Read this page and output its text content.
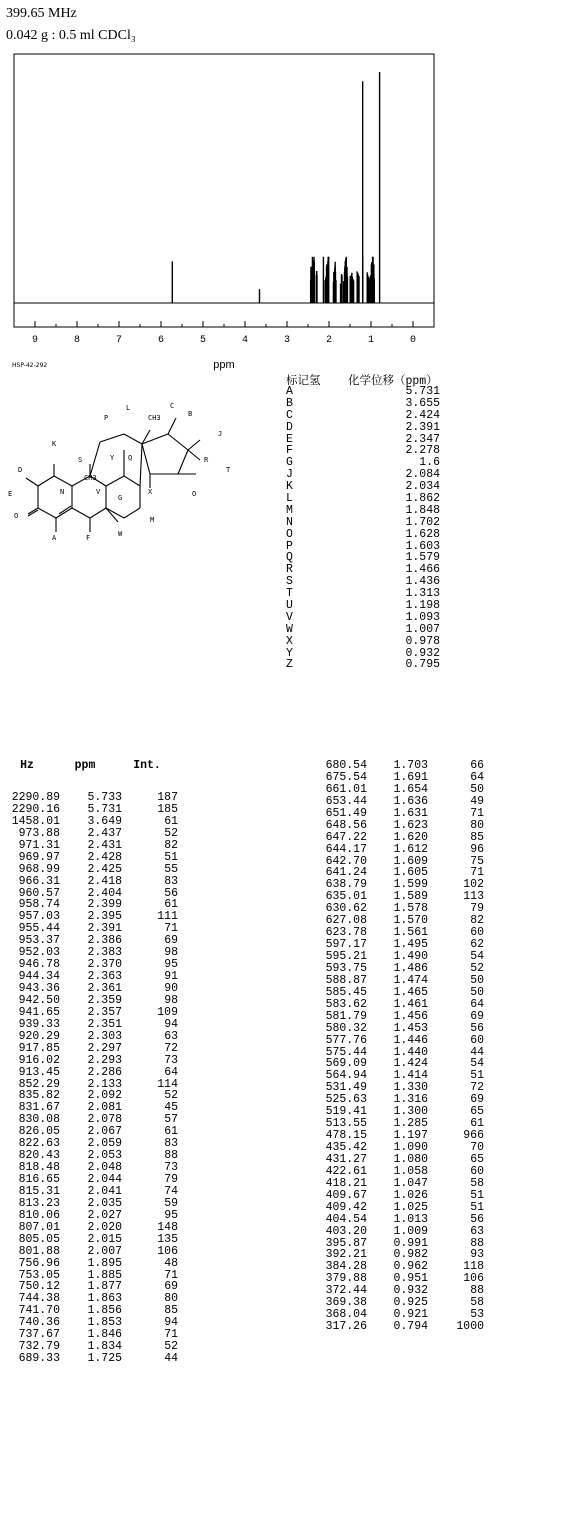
399.65 MHz
0.042 g : 0.5 ml CDCl₃
9	8	7	6	5	4	3	2	1	0
ppm
HSP-42-292
O
A	F
D
E
K
N
S
CH3
P
L
Y Q
V
G
W
M
X
CH3
C
B
J
R
T
O
标记氢 化学位移（ppm）
A	5.731
B	3.655
C	2.424
D	2.391
E	2.347
F	2.278
G	1.6
J	2.084
K	2.034
L	1.862
M	1.848
N	1.702
O	1.628
P	1.603
Q	1.579
R	1.466
S	1.436
T	1.313
U	1.198
V	1.093
W	1.007
X	0.978
Y	0.932
Z	0.795
Hz	ppm	Int.
2290.89 5.733	187
2290.16 5.731	185
1458.01 3.649	61
973.88 2.437	52
971.31 2.431	82
969.97 2.428	51
968.99 2.425	55
966.31 2.418	83
960.57 2.404	56
958.74 2.399	61
957.03 2.395	111
955.44 2.391	71
953.37 2.386	69
952.03 2.383	98
946.78 2.370	95
944.34 2.363	91
943.36 2.361	90
942.50 2.359	98
941.65 2.357	109
939.33 2.351	94
920.29 2.303	63
917.85 2.297	72
916.02 2.293	73
913.45 2.286	64
852.29 2.133	114
835.82 2.092	52
831.67 2.081	45
830.08 2.078	57
826.05 2.067	61
822.63 2.059	83
820.43 2.053	88
818.48 2.048	73
816.65 2.044	79
815.31 2.041	74
813.23 2.035	59
810.06 2.027	95
807.01 2.020	148
805.05 2.015	135
801.88 2.007	106
756.96 1.895	48
753.05 1.885	71
750.12 1.877	69
744.38 1.863	80
741.70 1.856	85
740.36 1.853	94
737.67 1.846	71
732.79 1.834	52
689.33 1.725	44
680.54 1.703	66
675.54 1.691	64
661.01 1.654	50
653.44 1.636	49
651.49 1.631	71
648.56 1.623	80
647.22 1.620	85
644.17 1.612	96
642.70 1.609	75
641.24 1.605	71
638.79 1.599	102
635.01 1.589	113
630.62 1.578	79
627.08 1.570	82
623.78 1.561	60
597.17 1.495	62
595.21 1.490	54
593.75 1.486	52
588.87 1.474	50
585.45 1.465	50
583.62 1.461	64
581.79 1.456	69
580.32 1.453	56
577.76 1.446	60
575.44 1.440	44
569.09 1.424	54
564.94 1.414	51
531.49 1.330	72
525.63 1.316	69
519.41 1.300	65
513.55 1.285	61
478.15 1.197	966
435.42 1.090	70
431.27 1.080	65
422.61 1.058	60
418.21 1.047	58
409.67 1.026	51
409.42 1.025	51
404.54 1.013	56
403.20 1.009	63
395.87 0.991	88
392.21 0.982	93
384.28 0.962	118
379.88 0.951	106
372.44 0.932	88
369.38 0.925	58
368.04 0.921	53
317.26 0.794 1000
